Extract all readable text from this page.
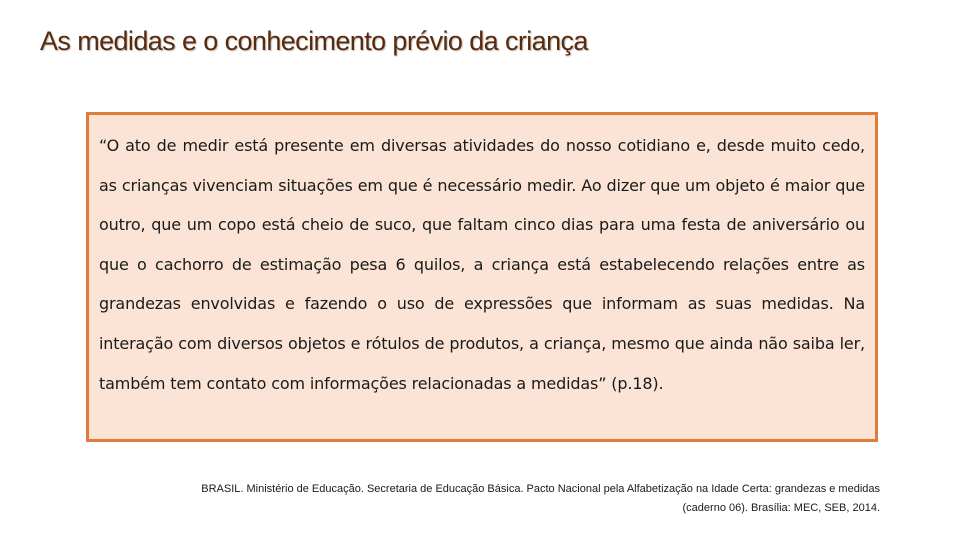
As medidas e o conhecimento prévio da criança

“O ato de medir está presente em diversas atividades do nosso cotidiano e, desde muito cedo, as crianças vivenciam situações em que é necessário medir. Ao dizer que um objeto é maior que outro, que um copo está cheio de suco, que faltam cinco dias para uma festa de aniversário ou que o cachorro de estimação pesa 6 quilos, a criança está estabelecendo relações entre as grandezas envolvidas e fazendo o uso de expressões que informam as suas medidas. Na interação com diversos objetos e rótulos de produtos, a criança, mesmo que ainda não saiba ler, também tem contato com informações relacionadas a medidas” (p.18).

BRASIL. Ministério de Educação. Secretaria de Educação Básica. Pacto Nacional pela Alfabetização na Idade Certa: grandezas e medidas
(caderno 06). Brasília: MEC, SEB, 2014.
